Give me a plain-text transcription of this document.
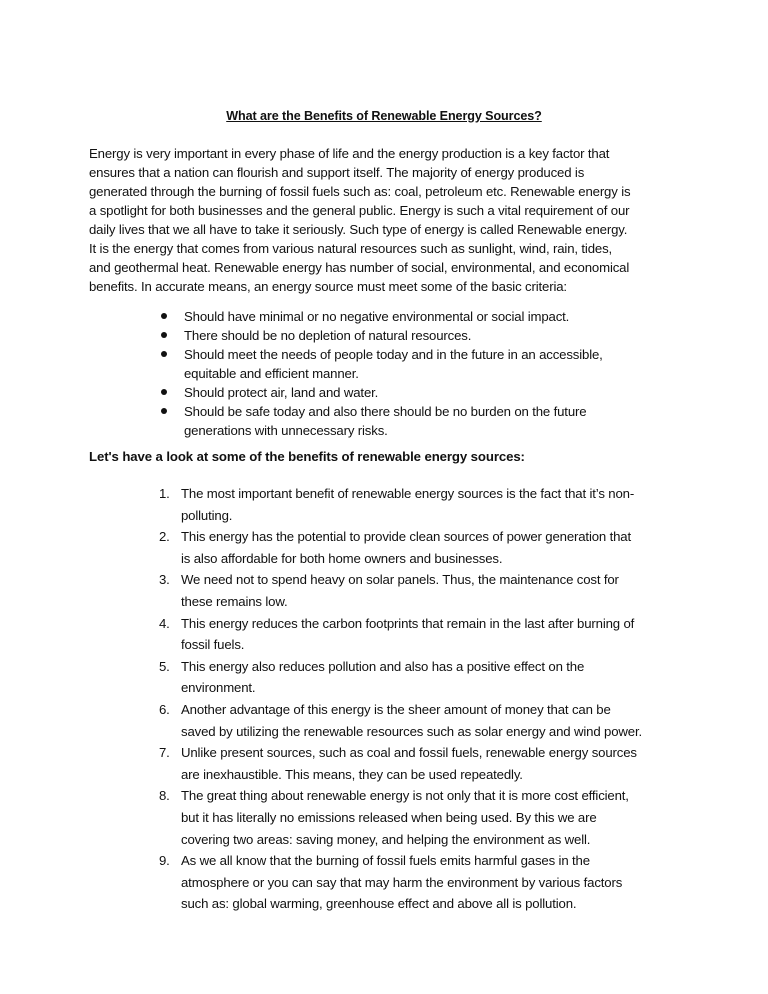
What are the Benefits of Renewable Energy Sources?
Energy is very important in every phase of life and the energy production is a key factor that
ensures that a nation can flourish and support itself. The majority of energy produced is
generated through the burning of fossil fuels such as: coal, petroleum etc. Renewable energy is
a spotlight for both businesses and the general public. Energy is such a vital requirement of our
daily lives that we all have to take it seriously. Such type of energy is called Renewable energy.
It is the energy that comes from various natural resources such as sunlight, wind, rain, tides,
and geothermal heat. Renewable energy has number of social, environmental, and economical
benefits. In accurate means, an energy source must meet some of the basic criteria:
Should have minimal or no negative environmental or social impact.
There should be no depletion of natural resources.
Should meet the needs of people today and in the future in an accessible,
equitable and efficient manner.
Should protect air, land and water.
Should be safe today and also there should be no burden on the future
generations with unnecessary risks.
Let's have a look at some of the benefits of renewable energy sources:
1. The most important benefit of renewable energy sources is the fact that it’s non-
polluting.
2. This energy has the potential to provide clean sources of power generation that
is also affordable for both home owners and businesses.
3. We need not to spend heavy on solar panels. Thus, the maintenance cost for
these remains low.
4. This energy reduces the carbon footprints that remain in the last after burning of
fossil fuels.
5. This energy also reduces pollution and also has a positive effect on the
environment.
6. Another advantage of this energy is the sheer amount of money that can be
saved by utilizing the renewable resources such as solar energy and wind power.
7. Unlike present sources, such as coal and fossil fuels, renewable energy sources
are inexhaustible. This means, they can be used repeatedly.
8. The great thing about renewable energy is not only that it is more cost efficient,
but it has literally no emissions released when being used. By this we are
covering two areas: saving money, and helping the environment as well.
9. As we all know that the burning of fossil fuels emits harmful gases in the
atmosphere or you can say that may harm the environment by various factors
such as: global warming, greenhouse effect and above all is pollution.
